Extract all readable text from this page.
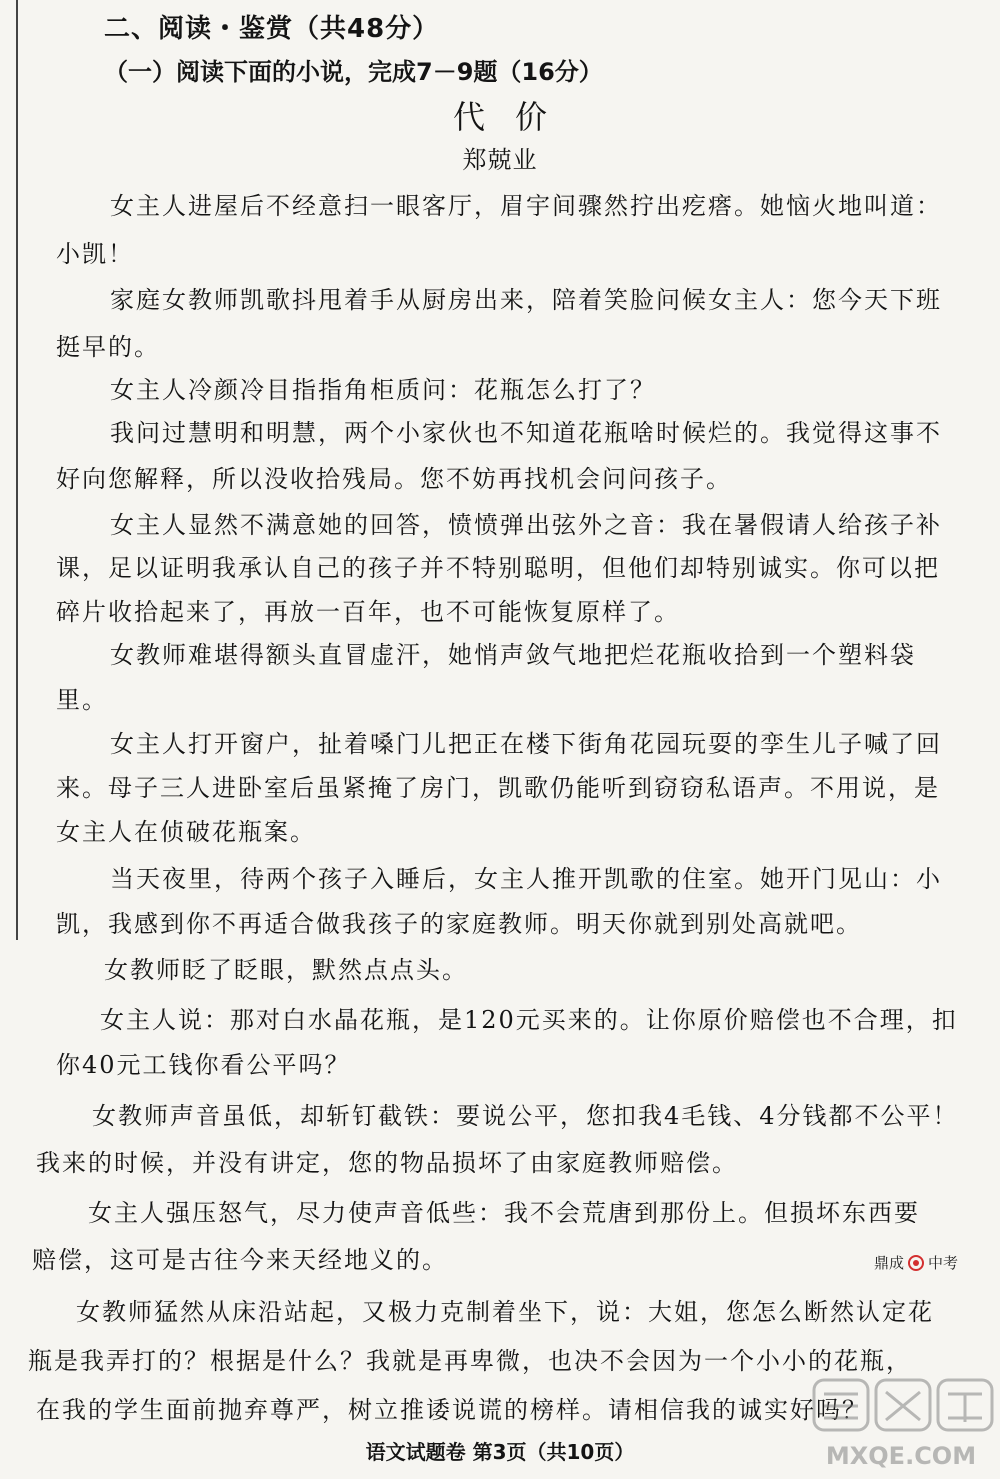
二、阅读・鉴赏（共48分）
（一）阅读下面的小说，完成7－9题（16分）
代价
郑兢业
女主人进屋后不经意扫一眼客厅，眉宇间骤然拧出疙瘩。她恼火地叫道：
小凯！
家庭女教师凯歌抖甩着手从厨房出来，陪着笑脸问候女主人：您今天下班
挺早的。
女主人冷颜冷目指指角柜质问：花瓶怎么打了？
我问过慧明和明慧，两个小家伙也不知道花瓶啥时候烂的。我觉得这事不
好向您解释，所以没收拾残局。您不妨再找机会问问孩子。
女主人显然不满意她的回答，愤愤弹出弦外之音：我在暑假请人给孩子补
课，足以证明我承认自己的孩子并不特别聪明，但他们却特别诚实。你可以把
碎片收拾起来了，再放一百年，也不可能恢复原样了。
女教师难堪得额头直冒虚汗，她悄声敛气地把烂花瓶收拾到一个塑料袋
里。
女主人打开窗户，扯着嗓门儿把正在楼下街角花园玩耍的孪生儿子喊了回
来。母子三人进卧室后虽紧掩了房门，凯歌仍能听到窃窃私语声。不用说，是
女主人在侦破花瓶案。
当天夜里，待两个孩子入睡后，女主人推开凯歌的住室。她开门见山：小
凯，我感到你不再适合做我孩子的家庭教师。明天你就到别处高就吧。
女教师眨了眨眼，默然点点头。
女主人说：那对白水晶花瓶，是120元买来的。让你原价赔偿也不合理，扣
你40元工钱你看公平吗？
女教师声音虽低，却斩钉截铁：要说公平，您扣我4毛钱、4分钱都不公平！
我来的时候，并没有讲定，您的物品损坏了由家庭教师赔偿。
女主人强压怒气，尽力使声音低些：我不会荒唐到那份上。但损坏东西要
赔偿，这可是古往今来天经地义的。	鼎成 中考
女教师猛然从床沿站起，又极力克制着坐下，说：大姐，您怎么断然认定花
瓶是我弄打的？根据是什么？我就是再卑微，也决不会因为一个小小的花瓶，
在我的学生面前抛弃尊严，树立推诿说谎的榜样。请相信我的诚实好吗？
MXQE.COM
语文试题卷 第3页（共10页）
